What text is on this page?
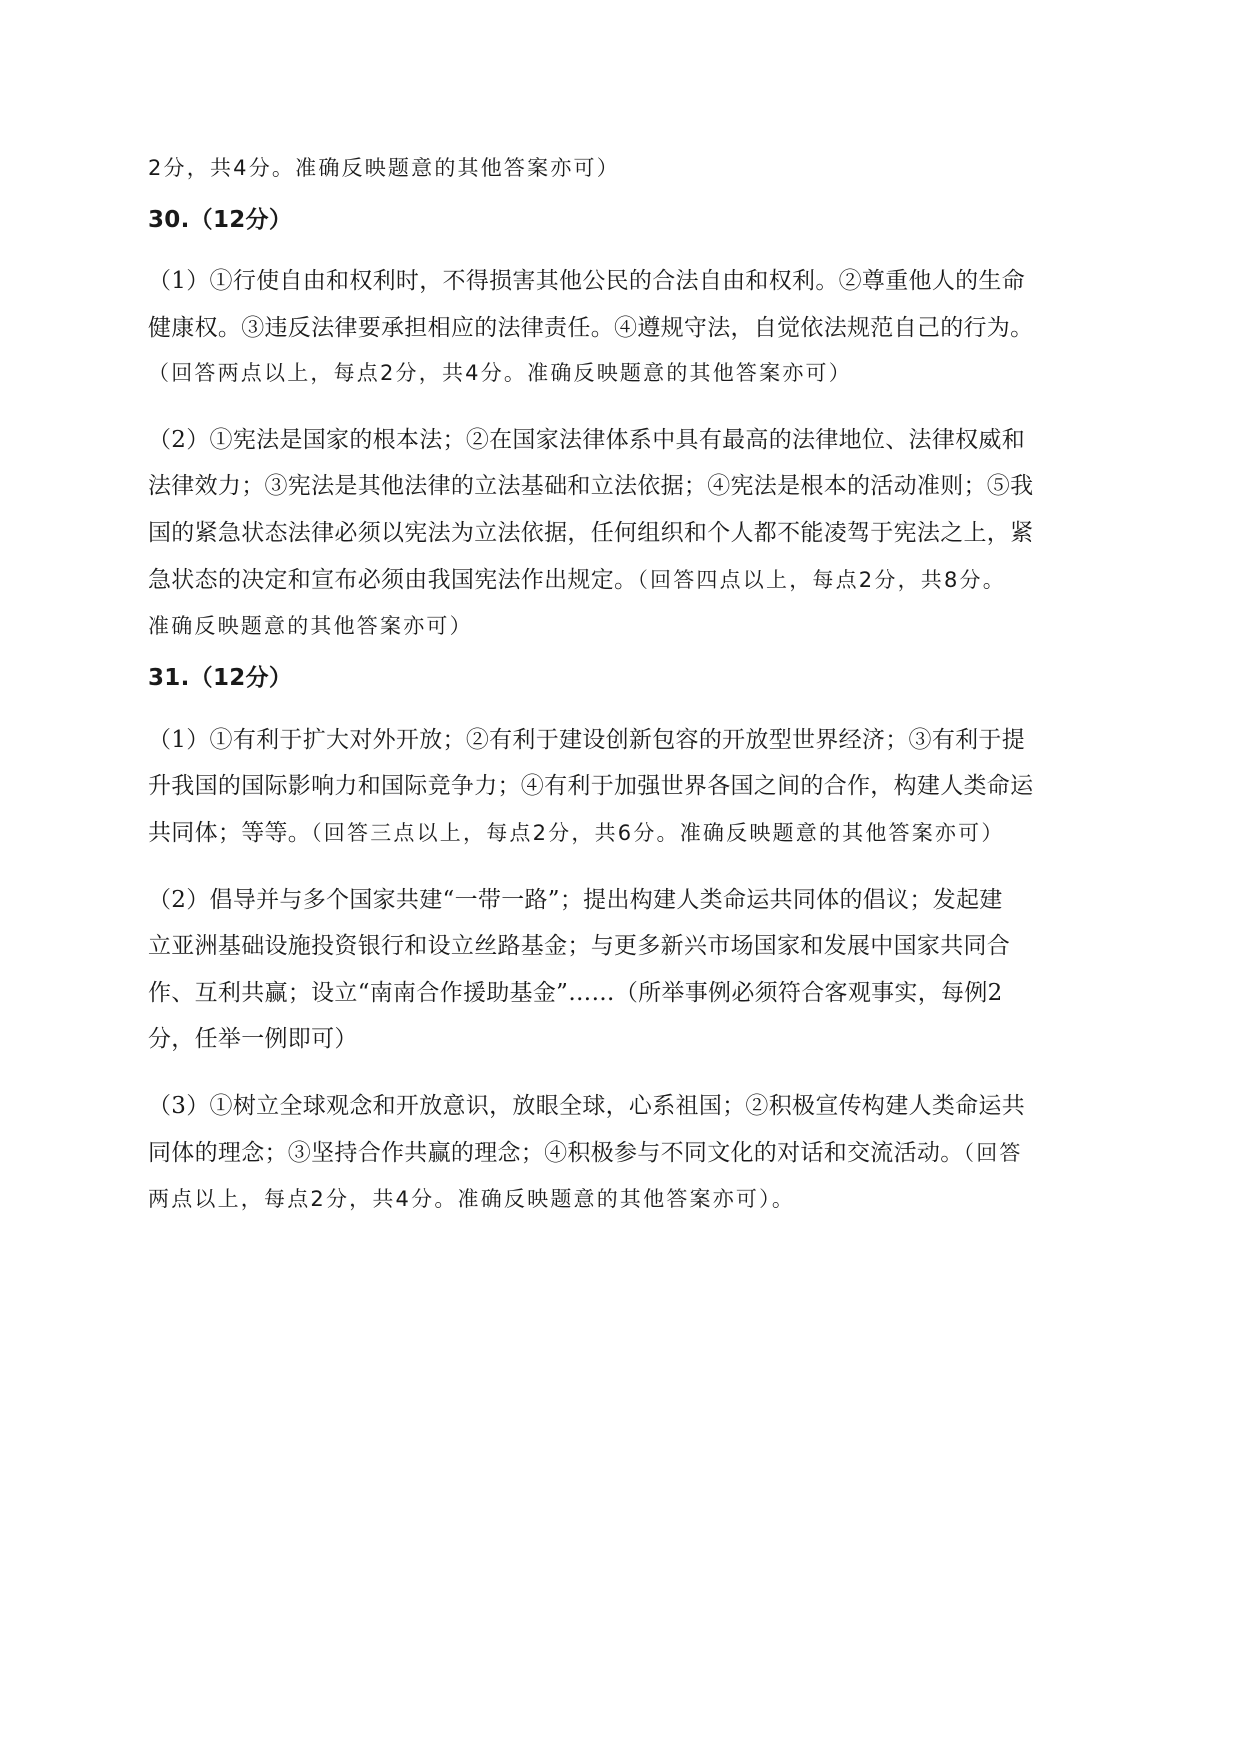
2分，共4分。准确反映题意的其他答案亦可）
30.（12分）
（1）①行使自由和权利时，不得损害其他公民的合法自由和权利。②尊重他人的生命
健康权。③违反法律要承担相应的法律责任。④遵规守法，自觉依法规范自己的行为。
（回答两点以上，每点2分，共4分。准确反映题意的其他答案亦可）
（2）①宪法是国家的根本法；②在国家法律体系中具有最高的法律地位、法律权威和
法律效力；③宪法是其他法律的立法基础和立法依据；④宪法是根本的活动准则；⑤我
国的紧急状态法律必须以宪法为立法依据，任何组织和个人都不能凌驾于宪法之上，紧
急状态的决定和宣布必须由我国宪法作出规定。（回答四点以上，每点2分，共8分。
准确反映题意的其他答案亦可）
31.（12分）
（1）①有利于扩大对外开放；②有利于建设创新包容的开放型世界经济；③有利于提
升我国的国际影响力和国际竞争力；④有利于加强世界各国之间的合作，构建人类命运
共同体；等等。（回答三点以上，每点2分，共6分。准确反映题意的其他答案亦可）
（2）倡导并与多个国家共建“一带一路”；提出构建人类命运共同体的倡议；发起建
立亚洲基础设施投资银行和设立丝路基金；与更多新兴市场国家和发展中国家共同合
作、互利共赢；设立“南南合作援助基金”……（所举事例必须符合客观事实，每例2
分，任举一例即可）
（3）①树立全球观念和开放意识，放眼全球，心系祖国；②积极宣传构建人类命运共
同体的理念；③坚持合作共赢的理念；④积极参与不同文化的对话和交流活动。（回答
两点以上，每点2分，共4分。准确反映题意的其他答案亦可）。
